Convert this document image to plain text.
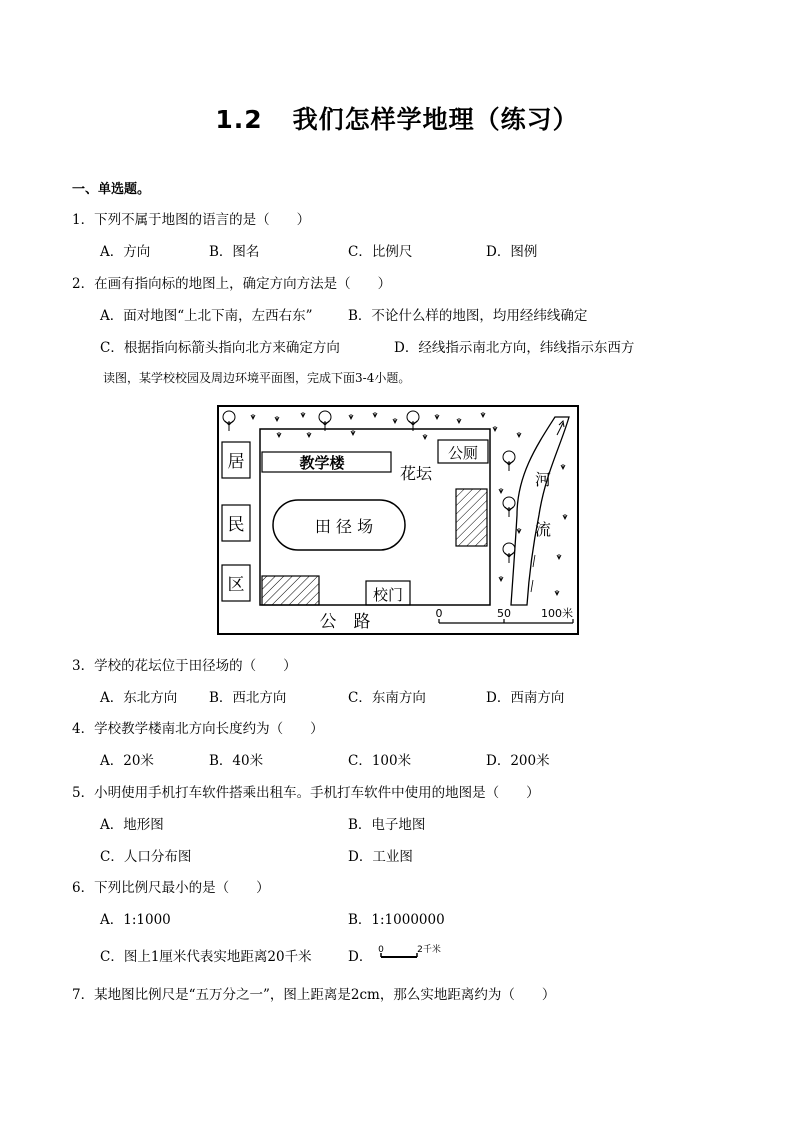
1.2 我们怎样学地理（练习）
一、单选题。
1．下列不属于地图的语言的是（　　）
A．方向	B．图名	C．比例尺	D．图例
2．在画有指向标的地图上，确定方向方法是（　　）
A．面对地图“上北下南，左西右东”	B．不论什么样的地图，均用经纬线确定
C．根据指向标箭头指向北方来确定方向	D．经线指示南北方向，纬线指示东西方
读图，某学校校园及周边环境平面图，完成下面3-4小题。
居
民
区
教学楼
花坛
公厕
田 径 场
校门
公　路	0	50	100米
河
流
3．学校的花坛位于田径场的（　　）
A．东北方向 B．西北方向	C．东南方向	D．西南方向
4．学校教学楼南北方向长度约为（　　）
A．20米	B．40米	C．100米	D．200米
5．小明使用手机打车软件搭乘出租车。手机打车软件中使用的地图是（　　）
A．地形图	B．电子地图
C．人口分布图	D．工业图
6．下列比例尺最小的是（　　）
A．1:1000	B．1:1000000
C．图上1厘米代表实地距离20千米	D． 0	2千米
7．某地图比例尺是“五万分之一”，图上距离是2cm，那么实地距离约为（　　）
